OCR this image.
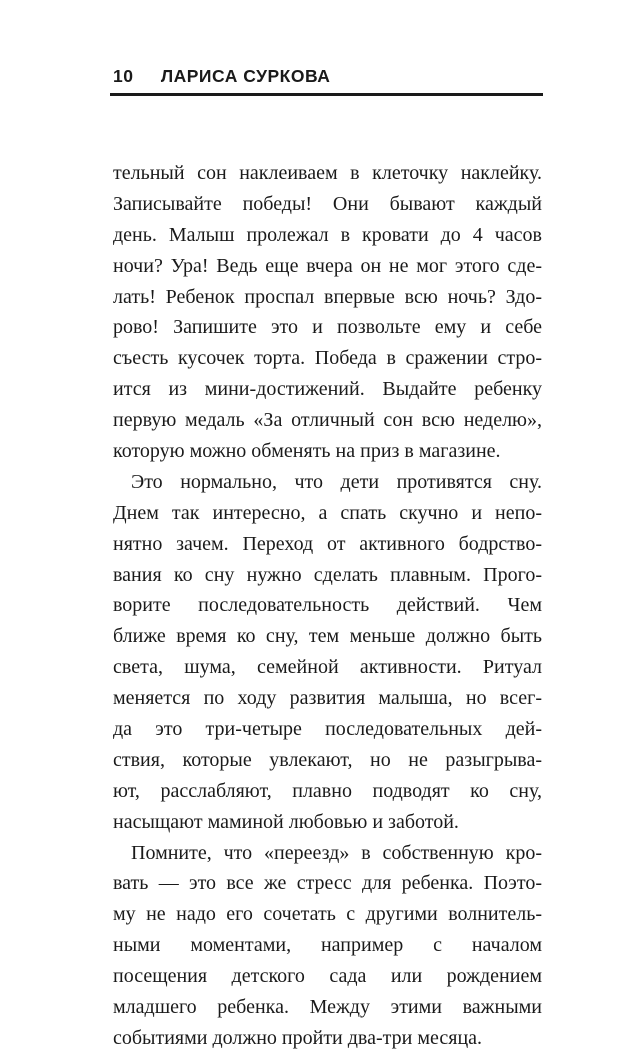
10 ЛАРИСА СУРКОВА
тельный сон наклеиваем в клеточку наклейку.
Записывайте победы! Они бывают каждый
день. Малыш пролежал в кровати до 4 часов
ночи? Ура! Ведь еще вчера он не мог этого сде-
лать! Ребенок проспал впервые всю ночь? Здо-
рово! Запишите это и позвольте ему и себе
съесть кусочек торта. Победа в сражении стро-
ится из мини-достижений. Выдайте ребенку
первую медаль «За отличный сон всю неделю»,
которую можно обменять на приз в магазине.
Это нормально, что дети противятся сну.
Днем так интересно, а спать скучно и непо-
нятно зачем. Переход от активного бодрство-
вания ко сну нужно сделать плавным. Прого-
ворите последовательность действий. Чем
ближе время ко сну, тем меньше должно быть
света, шума, семейной активности. Ритуал
меняется по ходу развития малыша, но всег-
да это три-четыре последовательных дей-
ствия, которые увлекают, но не разыгрыва-
ют, расслабляют, плавно подводят ко сну,
насыщают маминой любовью и заботой.
Помните, что «переезд» в собственную кро-
вать — это все же стресс для ребенка. Поэто-
му не надо его сочетать с другими волнитель-
ными моментами, например с началом
посещения детского сада или рождением
младшего ребенка. Между этими важными
событиями должно пройти два-три месяца.
